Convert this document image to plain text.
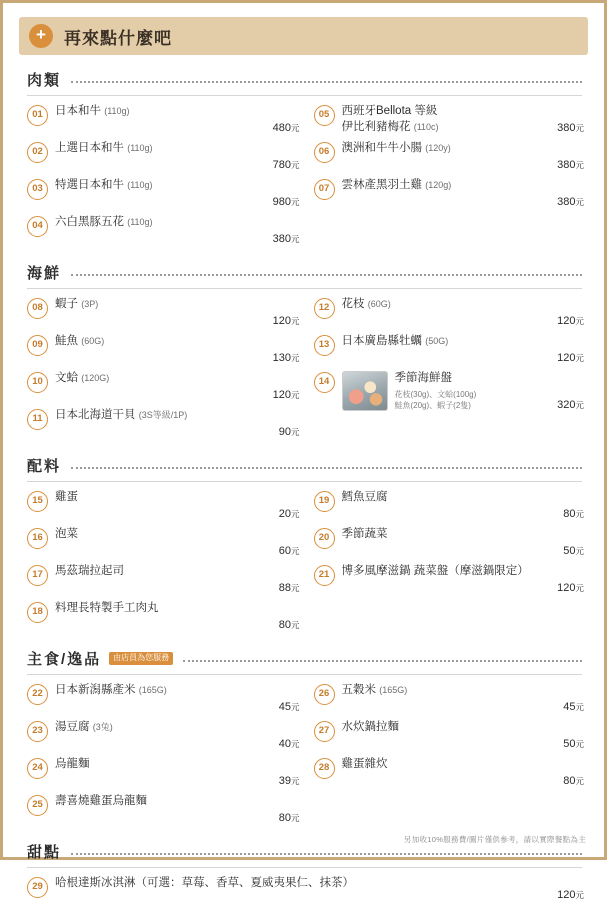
+	再來點什麼吧
肉類
01	日本和牛 (110g)
480元
02	上選日本和牛 (110g)
780元
03	特選日本和牛 (110g)
980元
04	六白黑豚五花 (110g)
380元
05	西班牙Bellota 等級
伊比利豬梅花 (110c)	380元
06	澳洲和牛牛小腸 (120y)
380元
07	雲林產黑羽土雞 (120g)
380元
海鮮
08	蝦子 (3P)
120元
09	鮭魚 (60G)
130元
10	文蛤 (120G)
120元
11	日本北海道干貝 (3S等級/1P)
90元
12	花枝 (60G)
120元
13	日本廣島縣牡蠣 (50G)
120元
14	季節海鮮盤
花枝(30g)、文蛤(100g)
鮭魚(20g)、蝦子(2隻)	320元
配料
15	雞蛋
20元
16	泡菜
60元
17	馬茲瑞拉起司
88元
18	料理長特製手工肉丸
80元
19	鱈魚豆腐
80元
20	季節蔬菜
50元
21	博多風摩滋鍋 蔬菜盤（摩滋鍋限定）
120元
主食/逸品	由店員為您服務
22	日本新潟縣產米 (165G)
45元
23	湯豆腐 (3兔)
40元
24	烏龍麵
39元
25	壽喜燒雞蛋烏龍麵
80元
26	五穀米 (165G)
45元
27	水炊鍋拉麵
50元
28	雞蛋雜炊
80元
甜點
29	哈根達斯冰淇淋（可選：草莓、香草、夏威夷果仁、抹茶）
120元
另加收10%服務費/圖片僅供參考，請以實際餐點為主
